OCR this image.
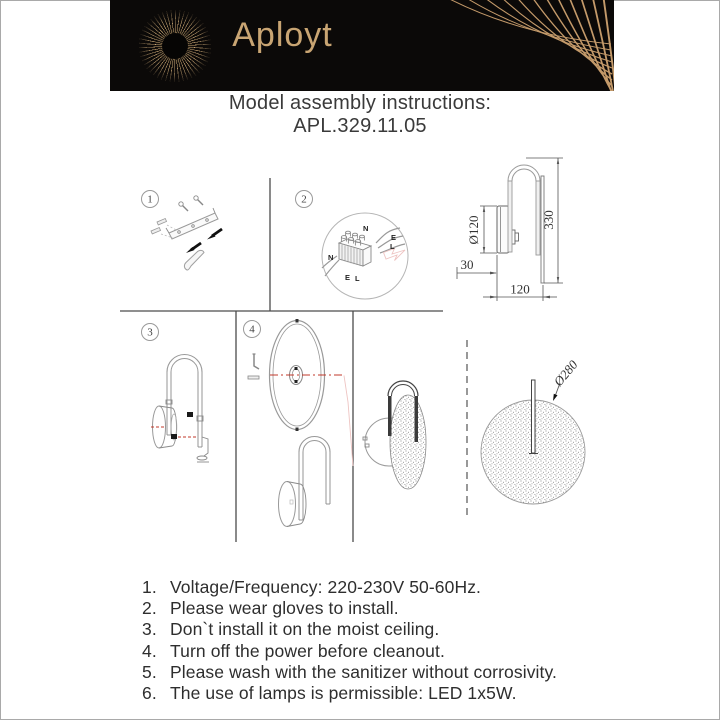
Aployt
Model assembly instructions:
APL.329.11.05
1	2
3	4
N
E
L
N
E L
Ø120	330
30
120
Ø280
1. Voltage/Frequency: 220-230V 50-60Hz.
2. Please wear gloves to install.
3. Don`t install it on the moist ceiling.
4. Turn off the power before cleanout.
5. Please wash with the sanitizer without corrosivity.
6. The use of lamps is permissible: LED 1x5W.
